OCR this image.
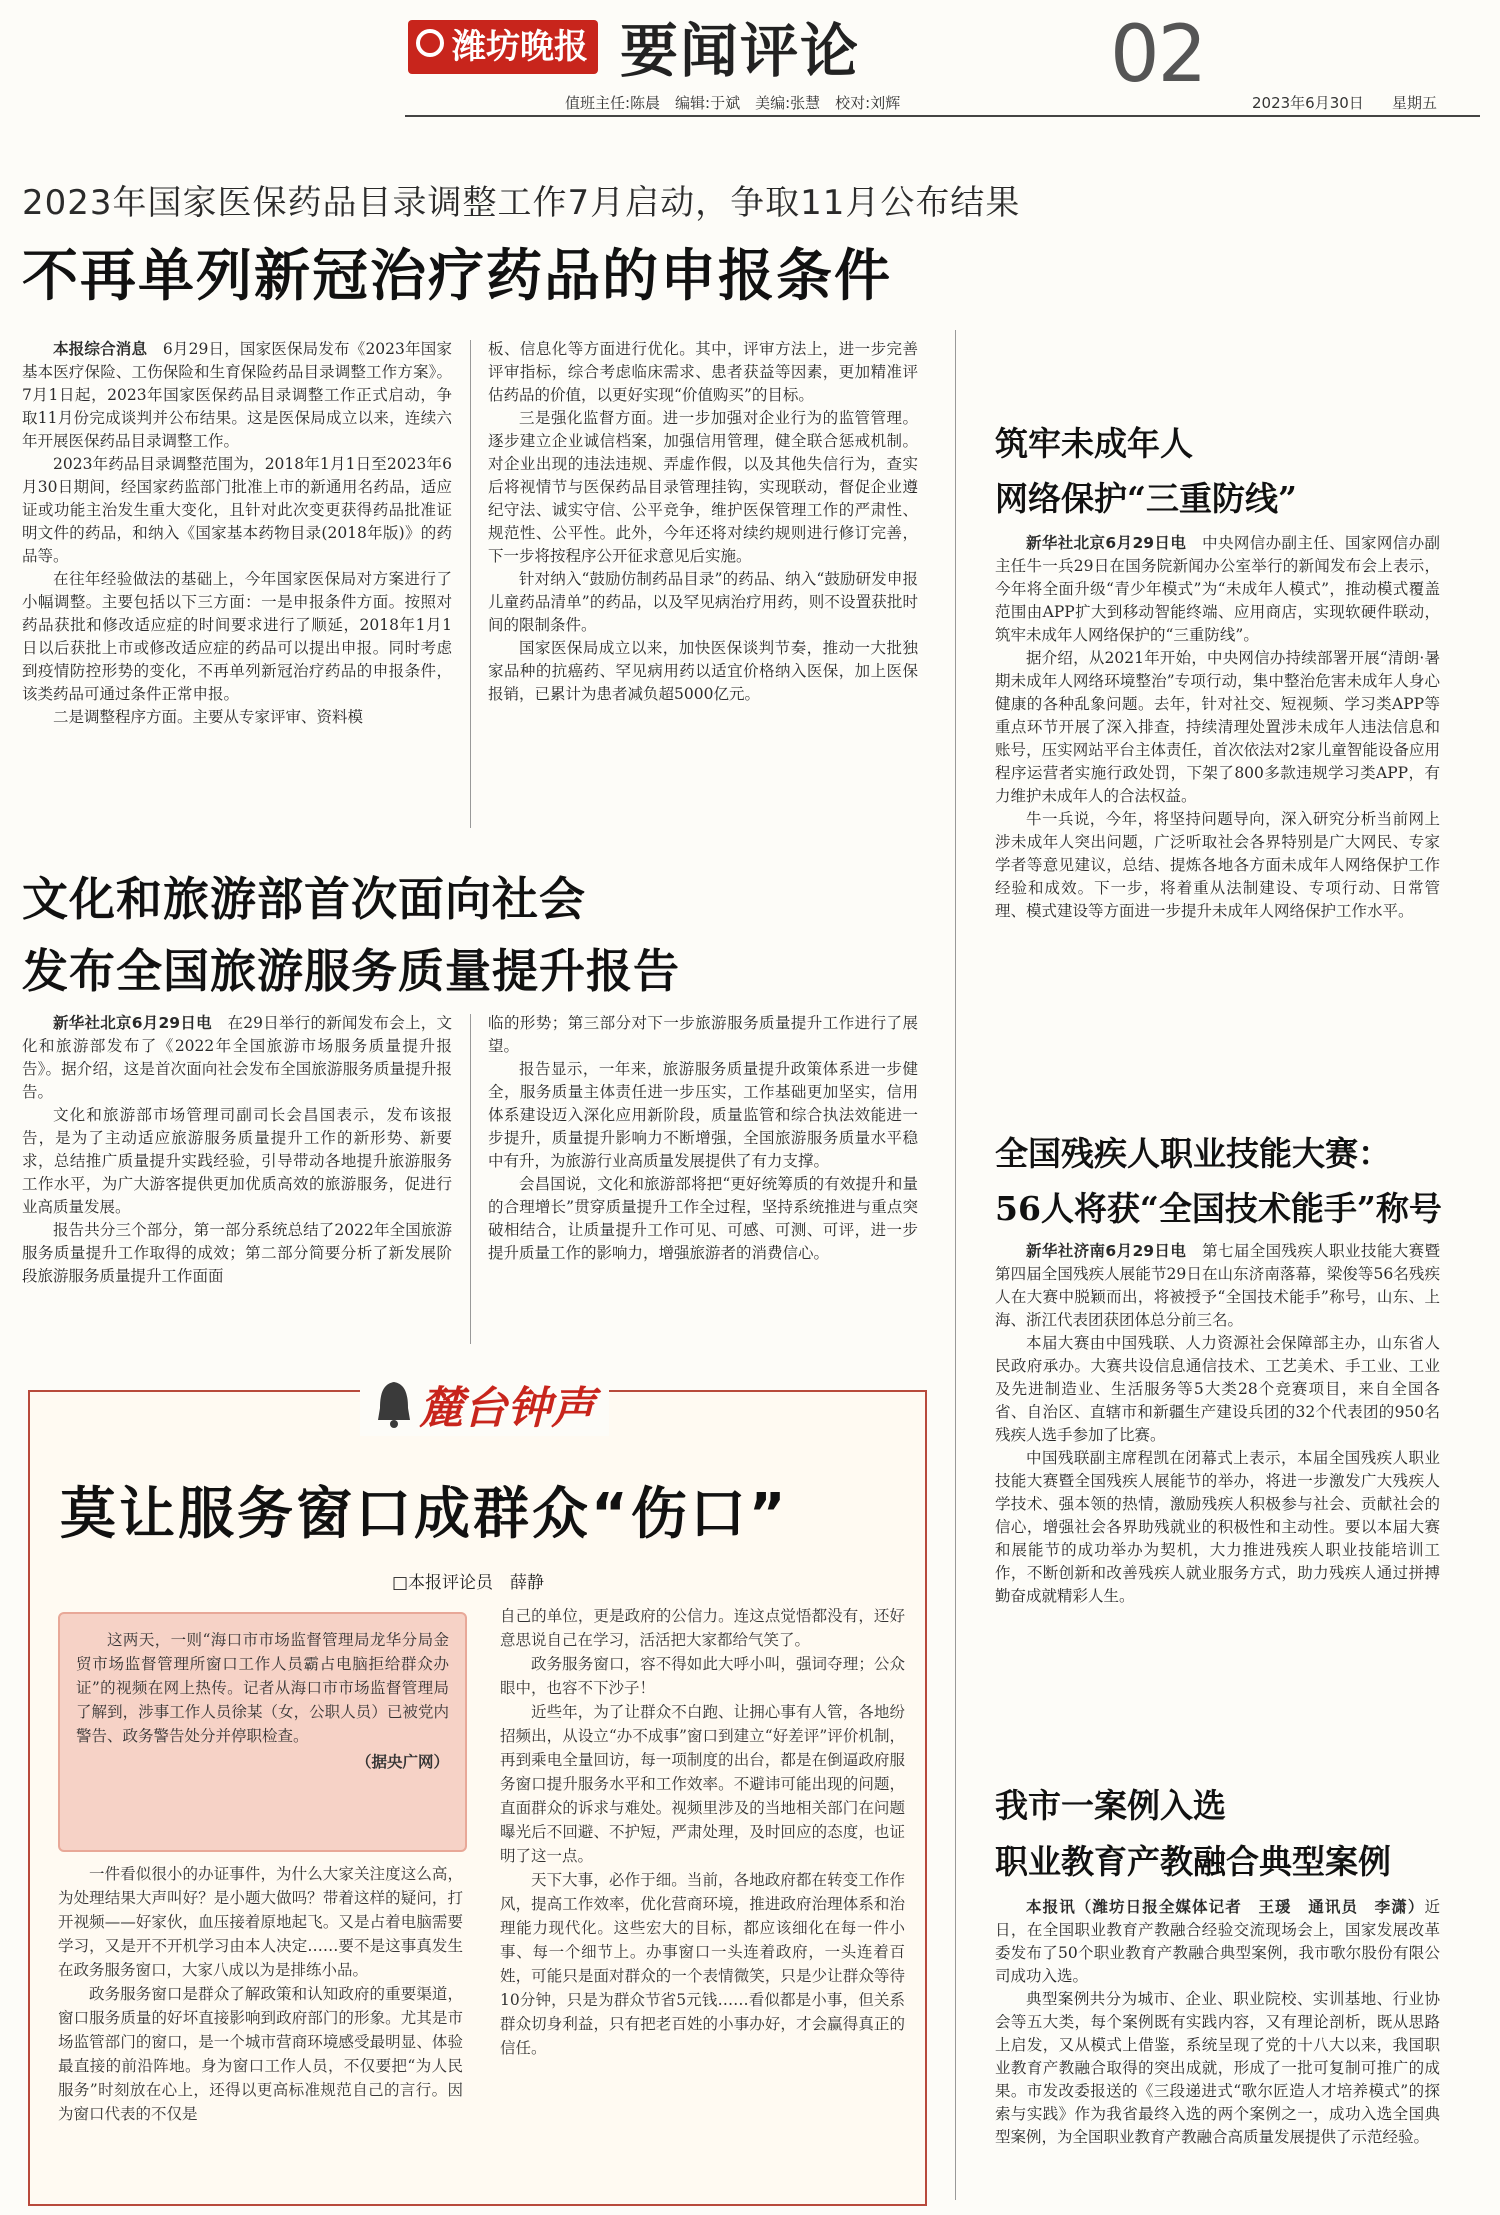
潍坊晚报 要闻评论	02
值班主任:陈晨　编辑:于斌　美编:张慧　校对:刘辉	2023年6月30日 星期五
2023年国家医保药品目录调整工作7月启动，争取11月公布结果
不再单列新冠治疗药品的申报条件

本报综合消息　 6月29日，国家医保局发布《2023年国家基本医疗保险、工伤保险和生育保险药品目录调整工作方案》。7月1日起，2023年国家医保药品目录调整工作正式启动，争取11月份完成谈判并公布结果。这是医保局成立以来，连续六年开展医保药品目录调整工作。

2023年药品目录调整范围为，2018年1月1日至2023年6月30日期间，经国家药监部门批准上市的新通用名药品，适应证或功能主治发生重大变化，且针对此次变更获得药品批准证明文件的药品，和纳入《国家基本药物目录(2018年版)》的药品等。

在往年经验做法的基础上，今年国家医保局对方案进行了小幅调整。主要包括以下三方面：一是申报条件方面。按照对药品获批和修改适应症的时间要求进行了顺延，2018年1月1日以后获批上市或修改适应症的药品可以提出申报。同时考虑到疫情防控形势的变化，不再单列新冠治疗药品的申报条件，该类药品可通过条件正常申报。

二是调整程序方面。主要从专家评审、资料模

板、信息化等方面进行优化。其中，评审方法上，进一步完善评审指标，综合考虑临床需求、患者获益等因素，更加精准评估药品的价值，以更好实现“价值购买”的目标。

三是强化监督方面。进一步加强对企业行为的监管管理。逐步建立企业诚信档案，加强信用管理，健全联合惩戒机制。对企业出现的违法违规、弄虚作假，以及其他失信行为，查实后将视情节与医保药品目录管理挂钩，实现联动，督促企业遵纪守法、诚实守信、公平竞争，维护医保管理工作的严肃性、规范性、公平性。此外，今年还将对续约规则进行修订完善，下一步将按程序公开征求意见后实施。

针对纳入“鼓励仿制药品目录”的药品、纳入“鼓励研发申报儿童药品清单”的药品，以及罕见病治疗用药，则不设置获批时间的限制条件。

国家医保局成立以来，加快医保谈判节奏，推动一大批独家品种的抗癌药、罕见病用药以适宜价格纳入医保，加上医保报销，已累计为患者减负超5000亿元。

文化和旅游部首次面向社会
发布全国旅游服务质量提升报告

新华社北京6月29日电　 在29日举行的新闻发布会上，文化和旅游部发布了《2022年全国旅游市场服务质量提升报告》。据介绍，这是首次面向社会发布全国旅游服务质量提升报告。

文化和旅游部市场管理司副司长会昌国表示，发布该报告，是为了主动适应旅游服务质量提升工作的新形势、新要求，总结推广质量提升实践经验，引导带动各地提升旅游服务工作水平，为广大游客提供更加优质高效的旅游服务，促进行业高质量发展。

报告共分三个部分，第一部分系统总结了2022年全国旅游服务质量提升工作取得的成效；第二部分简要分析了新发展阶段旅游服务质量提升工作面面

临的形势；第三部分对下一步旅游服务质量提升工作进行了展望。

报告显示，一年来，旅游服务质量提升政策体系进一步健全，服务质量主体责任进一步压实，工作基础更加坚实，信用体系建设迈入深化应用新阶段，质量监管和综合执法效能进一步提升，质量提升影响力不断增强，全国旅游服务质量水平稳中有升，为旅游行业高质量发展提供了有力支撑。

会昌国说，文化和旅游部将把“更好统筹质的有效提升和量的合理增长”贯穿质量提升工作全过程，坚持系统推进与重点突破相结合，让质量提升工作可见、可感、可测、可评，进一步提升质量工作的影响力，增强旅游者的消费信心。

筑牢未成年人
网络保护“三重防线”

新华社北京6月29日电　 中央网信办副主任、国家网信办副主任牛一兵29日在国务院新闻办公室举行的新闻发布会上表示，今年将全面升级“青少年模式”为“未成年人模式”，推动模式覆盖范围由APP扩大到移动智能终端、应用商店，实现软硬件联动，筑牢未成年人网络保护的“三重防线”。

据介绍，从2021年开始，中央网信办持续部署开展“清朗·暑期未成年人网络环境整治”专项行动，集中整治危害未成年人身心健康的各种乱象问题。去年，针对社交、短视频、学习类APP等重点环节开展了深入排查，持续清理处置涉未成年人违法信息和账号，压实网站平台主体责任，首次依法对2家儿童智能设备应用程序运营者实施行政处罚，下架了800多款违规学习类APP，有力维护未成年人的合法权益。

牛一兵说，今年，将坚持问题导向，深入研究分析当前网上涉未成年人突出问题，广泛听取社会各界特别是广大网民、专家学者等意见建议，总结、提炼各地各方面未成年人网络保护工作经验和成效。下一步，将着重从法制建设、专项行动、日常管理、模式建设等方面进一步提升未成年人网络保护工作水平。

全国残疾人职业技能大赛：
56人将获“全国技术能手”称号

新华社济南6月29日电　 第七届全国残疾人职业技能大赛暨第四届全国残疾人展能节29日在山东济南落幕，梁俊等56名残疾人在大赛中脱颖而出，将被授予“全国技术能手”称号，山东、上海、浙江代表团获团体总分前三名。

本届大赛由中国残联、人力资源社会保障部主办，山东省人民政府承办。大赛共设信息通信技术、工艺美术、手工业、工业及先进制造业、生活服务等5大类28个竞赛项目，来自全国各省、自治区、直辖市和新疆生产建设兵团的32个代表团的950名残疾人选手参加了比赛。

中国残联副主席程凯在闭幕式上表示，本届全国残疾人职业技能大赛暨全国残疾人展能节的举办，将进一步激发广大残疾人学技术、强本领的热情，激励残疾人积极参与社会、贡献社会的信心，增强社会各界助残就业的积极性和主动性。要以本届大赛和展能节的成功举办为契机，大力推进残疾人职业技能培训工作，不断创新和改善残疾人就业服务方式，助力残疾人通过拼搏勤奋成就精彩人生。

我市一案例入选
职业教育产教融合典型案例

本报讯（潍坊日报全媒体记者　王瑗　通讯员　李潇）近日，在全国职业教育产教融合经验交流现场会上，国家发展改革委发布了50个职业教育产教融合典型案例，我市歌尔股份有限公司成功入选。

典型案例共分为城市、企业、职业院校、实训基地、行业协会等五大类，每个案例既有实践内容，又有理论剖析，既从思路上启发，又从模式上借鉴，系统呈现了党的十八大以来，我国职业教育产教融合取得的突出成就，形成了一批可复制可推广的成果。市发改委报送的《三段递进式“歌尔匠造人才培养模式”的探索与实践》作为我省最终入选的两个案例之一，成功入选全国典型案例，为全国职业教育产教融合高质量发展提供了示范经验。

麓台钟声
莫让服务窗口成群众“伤口”
□本报评论员　薛静

这两天，一则“海口市市场监督管理局龙华分局金贸市场监督管理所窗口工作人员霸占电脑拒给群众办证”的视频在网上热传。记者从海口市市场监督管理局了解到，涉事工作人员徐某（女，公职人员）已被党内警告、政务警告处分并停职检查。

（据央广网）

一件看似很小的办证事件，为什么大家关注度这么高，为处理结果大声叫好？是小题大做吗？带着这样的疑问，打开视频——好家伙，血压接着原地起飞。又是占着电脑需要学习，又是开不开机学习由本人决定……要不是这事真发生在政务服务窗口，大家八成以为是排练小品。

政务服务窗口是群众了解政策和认知政府的重要渠道，窗口服务质量的好坏直接影响到政府部门的形象。尤其是市场监管部门的窗口，是一个城市营商环境感受最明显、体验最直接的前沿阵地。身为窗口工作人员，不仅要把“为人民服务”时刻放在心上，还得以更高标准规范自己的言行。因为窗口代表的不仅是

自己的单位，更是政府的公信力。连这点觉悟都没有，还好意思说自己在学习，活活把大家都给气笑了。

政务服务窗口，容不得如此大呼小叫，强词夺理；公众眼中，也容不下沙子！

近些年，为了让群众不白跑、让拥心事有人管，各地纷招频出，从设立“办不成事”窗口到建立“好差评”评价机制，再到乘电全量回访，每一项制度的出台，都是在倒逼政府服务窗口提升服务水平和工作效率。不避讳可能出现的问题，直面群众的诉求与难处。视频里涉及的当地相关部门在问题曝光后不回避、不护短，严肃处理，及时回应的态度，也证明了这一点。

天下大事，必作于细。当前，各地政府都在转变工作作风，提高工作效率，优化营商环境，推进政府治理体系和治理能力现代化。这些宏大的目标，都应该细化在每一件小事、每一个细节上。办事窗口一头连着政府，一头连着百姓，可能只是面对群众的一个表情微笑，只是少让群众等待10分钟，只是为群众节省5元钱……看似都是小事，但关系群众切身利益，只有把老百姓的小事办好，才会赢得真正的信任。
